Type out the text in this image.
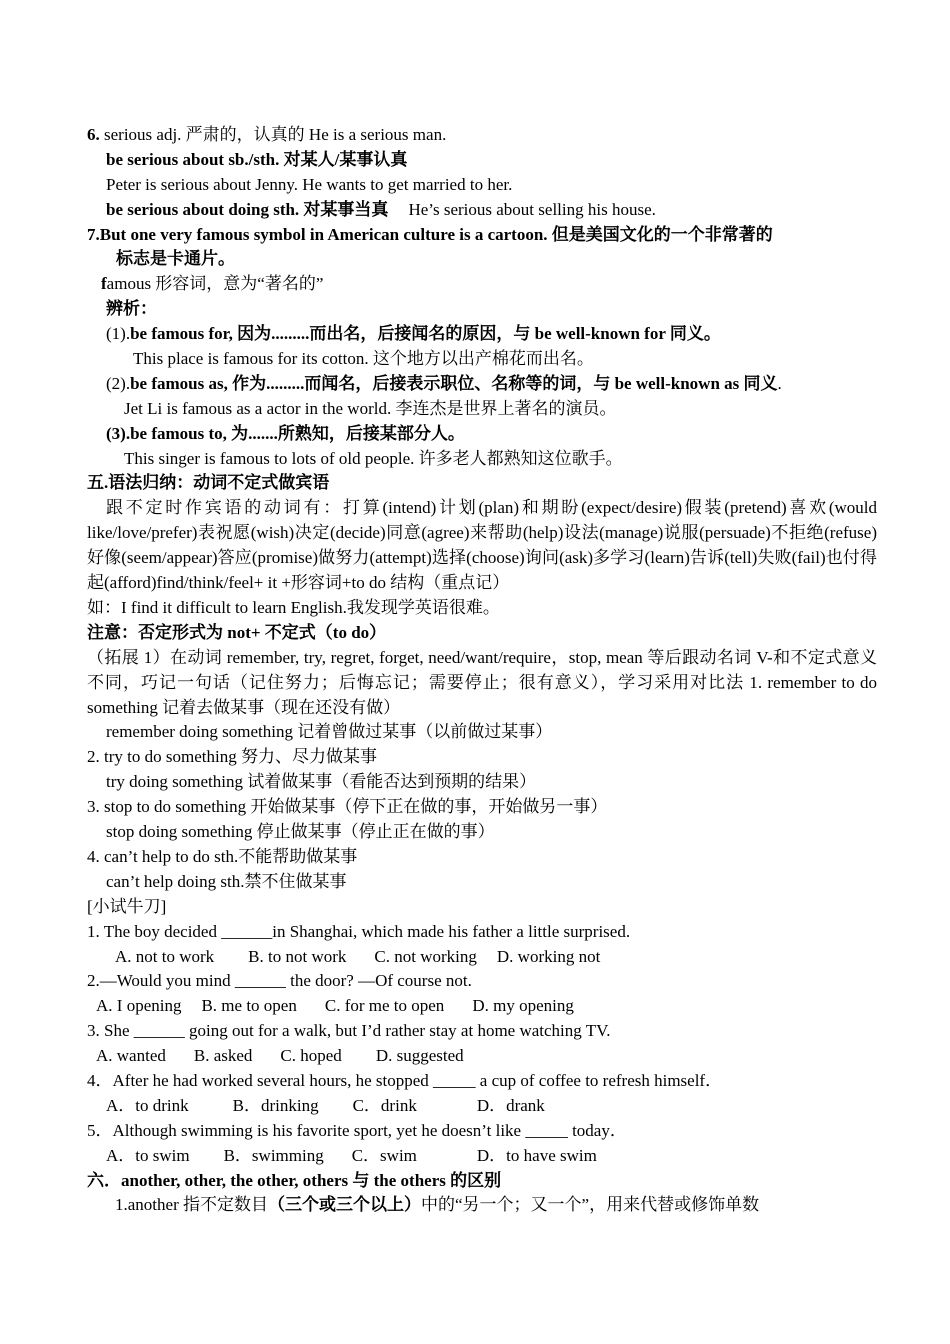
6. serious adj. 严肃的，认真的 He is a serious man.
be serious about sb./sth. 对某人/某事认真
Peter is serious about Jenny. He wants to get married to her.
be serious about doing sth. 对某事当真 He’s serious about selling his house.
7.But one very famous symbol in American culture is a cartoon. 但是美国文化的一个非常著的
标志是卡通片。
famous 形容词，意为“著名的”
辨析：
(1).be famous for, 因为.........而出名，后接闻名的原因，与 be well-known for 同义。
This place is famous for its cotton. 这个地方以出产棉花而出名。
(2).be famous as, 作为.........而闻名，后接表示职位、名称等的词，与 be well-known as 同义.
Jet Li is famous as a actor in the world. 李连杰是世界上著名的演员。
(3).be famous to, 为.......所熟知，后接某部分人。
This singer is famous to lots of old people. 许多老人都熟知这位歌手。
五.语法归纳：动词不定式做宾语
跟不定时作宾语的动词有：打算(intend)计划(plan)和期盼(expect/desire)假装(pretend)喜欢(would like/love/prefer)表祝愿(wish)决定(decide)同意(agree)来帮助(help)设法(manage)说服(persuade)不拒绝(refuse)好像(seem/appear)答应(promise)做努力(attempt)选择(choose)询问(ask)多学习(learn)告诉(tell)失败(fail)也付得起(afford)find/think/feel+ it +形容词+to do 结构（重点记）
如：I find it difficult to learn English.我发现学英语很难。
注意：否定形式为 not+ 不定式（to do）
（拓展 1）在动词 remember, try, regret, forget, need/want/require，stop, mean 等后跟动名词 V-和不定式意义不同，巧记一句话（记住努力；后悔忘记；需要停止；很有意义），学习采用对比法 1. remember to do something 记着去做某事（现在还没有做）
remember doing something 记着曾做过某事（以前做过某事）
2. try to do something 努力、尽力做某事
try doing something 试着做某事（看能否达到预期的结果）
3. stop to do something 开始做某事（停下正在做的事，开始做另一事）
stop doing something 停止做某事（停止正在做的事）
4. can’t help to do sth.不能帮助做某事
can’t help doing sth.禁不住做某事
[小试牛刀]
1. The boy decided ______in Shanghai, which made his father a little surprised.
A. not to work B. to not work C. not working D. working not
2.—Would you mind ______ the door? —Of course not.
A. I opening B. me to open C. for me to open D. my opening
3. She ______ going out for a walk, but I’d rather stay at home watching TV.
A. wanted B. asked C. hoped D. suggested
4．After he had worked several hours, he stopped _____ a cup of coffee to refresh himself．
A．to drink	B．drinking C．drink	D．drank
5．Although swimming is his favorite sport, yet he doesn’t like _____ today．
A．to swim B．swimming C．swim	D．to have swim
六．another, other, the other, others 与 the others 的区别
1.another 指不定数目（三个或三个以上）中的“另一个；又一个”，用来代替或修饰单数
